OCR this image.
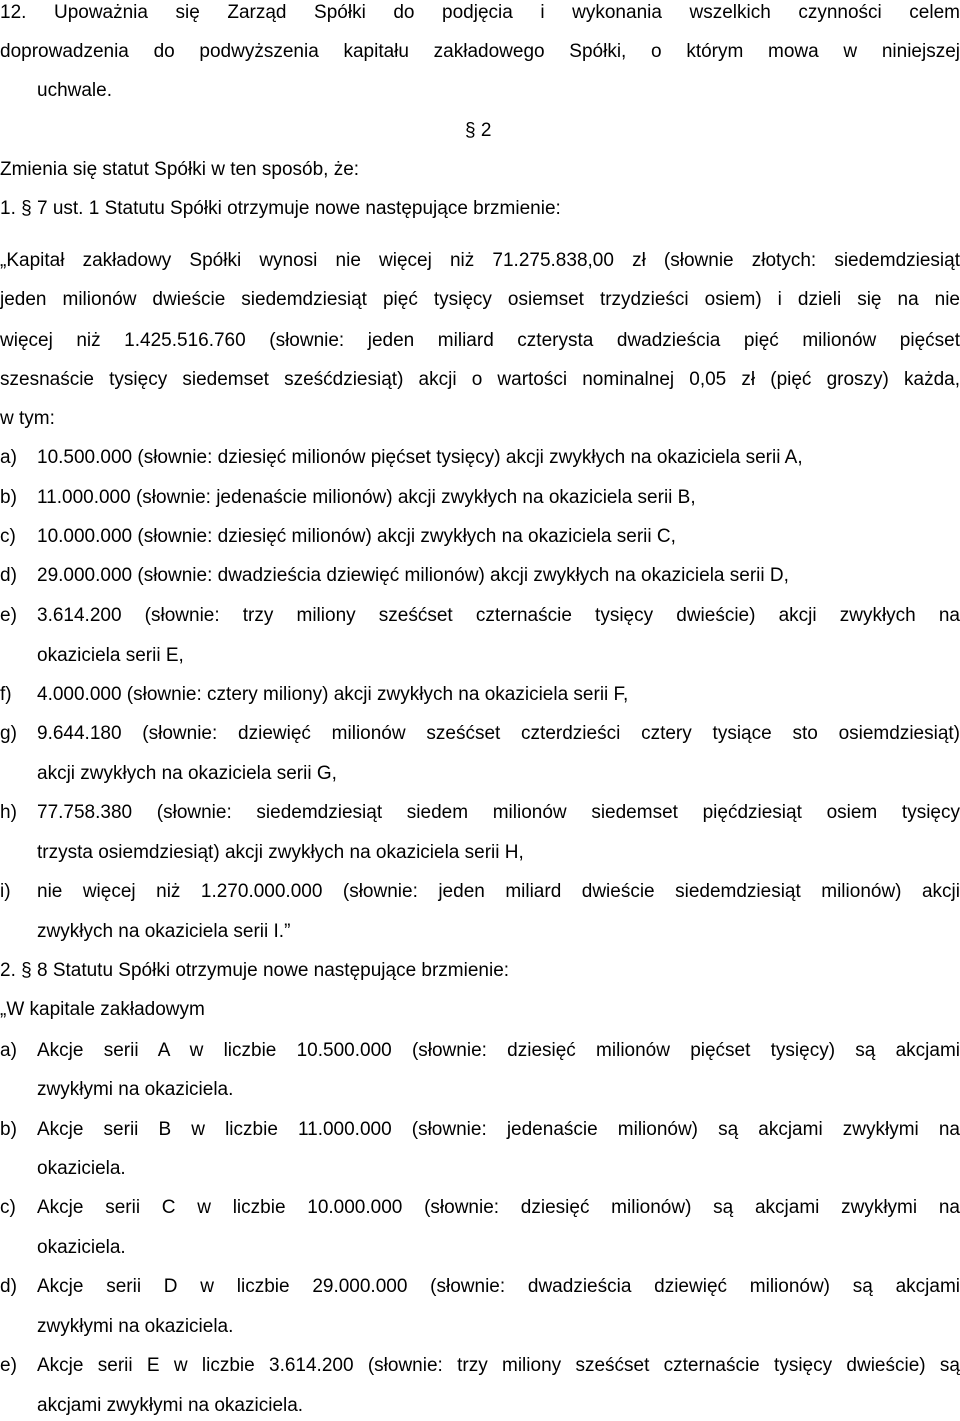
12. Upoważnia się Zarząd Spółki do podjęcia i wykonania wszelkich czynności celem
doprowadzenia do podwyższenia kapitału zakładowego Spółki, o którym mowa w niniejszej
uchwale.
§ 2
Zmienia się statut Spółki w ten sposób, że:
1. § 7 ust. 1 Statutu Spółki otrzymuje nowe następujące brzmienie:
„Kapitał zakładowy Spółki wynosi nie więcej niż 71.275.838,00 zł (słownie złotych: siedemdziesiąt
jeden milionów dwieście siedemdziesiąt pięć tysięcy osiemset trzydzieści osiem) i dzieli się na nie
więcej niż 1.425.516.760 (słownie: jeden miliard czterysta dwadzieścia pięć milionów pięćset
szesnaście tysięcy siedemset sześćdziesiąt) akcji o wartości nominalnej 0,05 zł (pięć groszy) każda,
w tym:
a) 10.500.000 (słownie: dziesięć milionów pięćset tysięcy) akcji zwykłych na okaziciela serii A,
b) 11.000.000 (słownie: jedenaście milionów) akcji zwykłych na okaziciela serii B,
c) 10.000.000 (słownie: dziesięć milionów) akcji zwykłych na okaziciela serii C,
d) 29.000.000 (słownie: dwadzieścia dziewięć milionów) akcji zwykłych na okaziciela serii D,
e) 3.614.200 (słownie: trzy miliony sześćset czternaście tysięcy dwieście) akcji zwykłych na
okaziciela serii E,
f) 4.000.000 (słownie: cztery miliony) akcji zwykłych na okaziciela serii F,
g) 9.644.180 (słownie: dziewięć milionów sześćset czterdzieści cztery tysiące sto osiemdziesiąt)
akcji zwykłych na okaziciela serii G,
h) 77.758.380 (słownie: siedemdziesiąt siedem milionów siedemset pięćdziesiąt osiem tysięcy
trzysta osiemdziesiąt) akcji zwykłych na okaziciela serii H,
i) nie więcej niż 1.270.000.000 (słownie: jeden miliard dwieście siedemdziesiąt milionów) akcji
zwykłych na okaziciela serii I.”
2. § 8 Statutu Spółki otrzymuje nowe następujące brzmienie:
„W kapitale zakładowym
a) Akcje serii A w liczbie 10.500.000 (słownie: dziesięć milionów pięćset tysięcy) są akcjami
zwykłymi na okaziciela.
b) Akcje serii B w liczbie 11.000.000 (słownie: jedenaście milionów) są akcjami zwykłymi na
okaziciela.
c) Akcje serii C w liczbie 10.000.000 (słownie: dziesięć milionów) są akcjami zwykłymi na
okaziciela.
d) Akcje serii D w liczbie 29.000.000 (słownie: dwadzieścia dziewięć milionów) są akcjami
zwykłymi na okaziciela.
e) Akcje serii E w liczbie 3.614.200 (słownie: trzy miliony sześćset czternaście tysięcy dwieście) są
akcjami zwykłymi na okaziciela.
